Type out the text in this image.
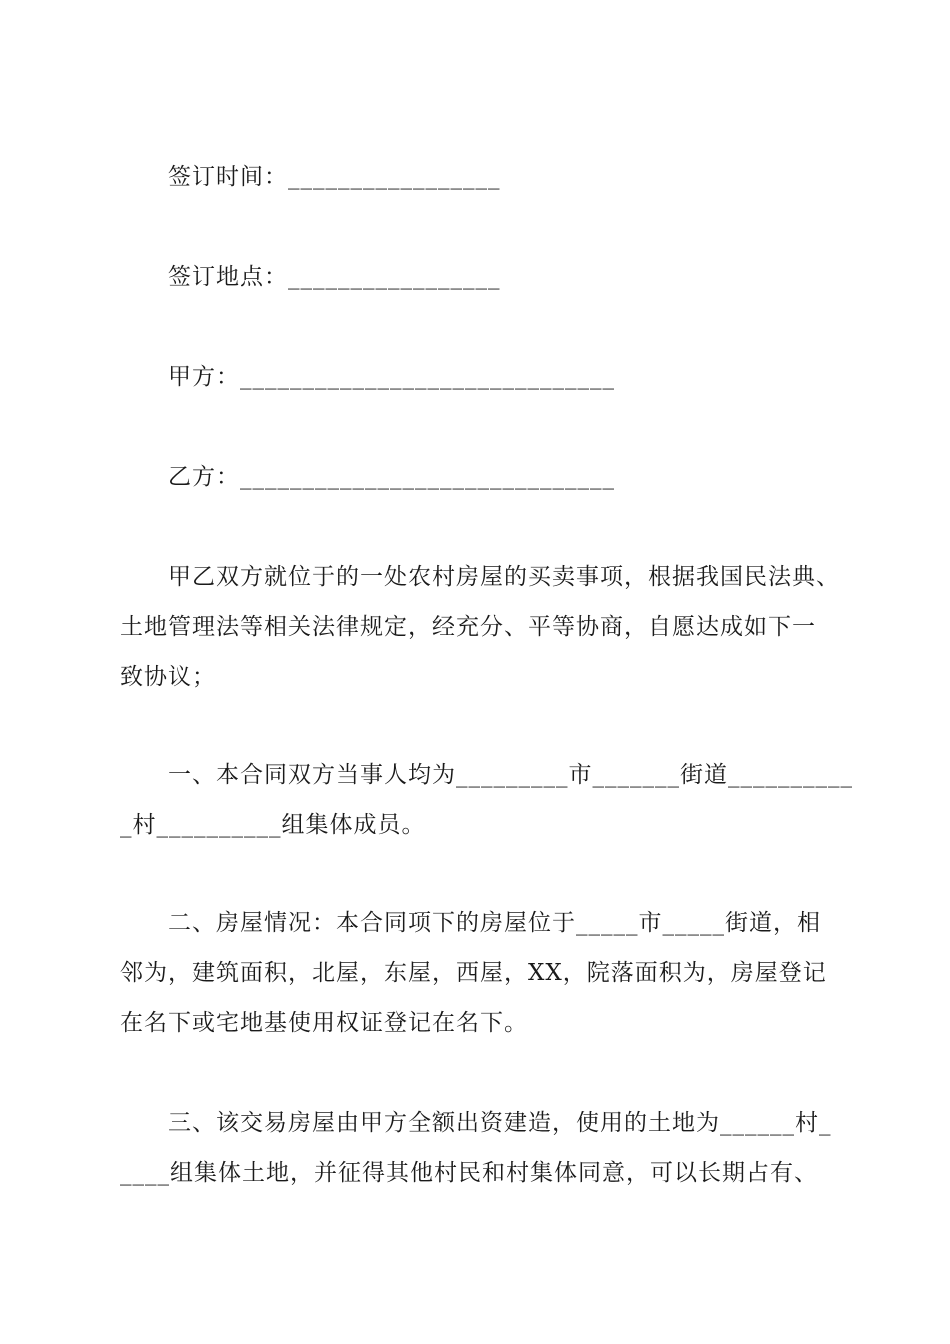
签订时间：_________________
签订地点：_________________
甲方：______________________________
乙方：______________________________
甲乙双方就位于的一处农村房屋的买卖事项，根据我国民法典、
土地管理法等相关法律规定，经充分、平等协商，自愿达成如下一
致协议；
一、本合同双方当事人均为_________市_______街道__________
_村__________组集体成员。
二、房屋情况：本合同项下的房屋位于_____市_____街道，相
邻为，建筑面积，北屋，东屋，西屋，XX，院落面积为，房屋登记
在名下或宅地基使用权证登记在名下。
三、该交易房屋由甲方全额出资建造，使用的土地为______村_
____组集体土地，并征得其他村民和村集体同意，可以长期占有、
